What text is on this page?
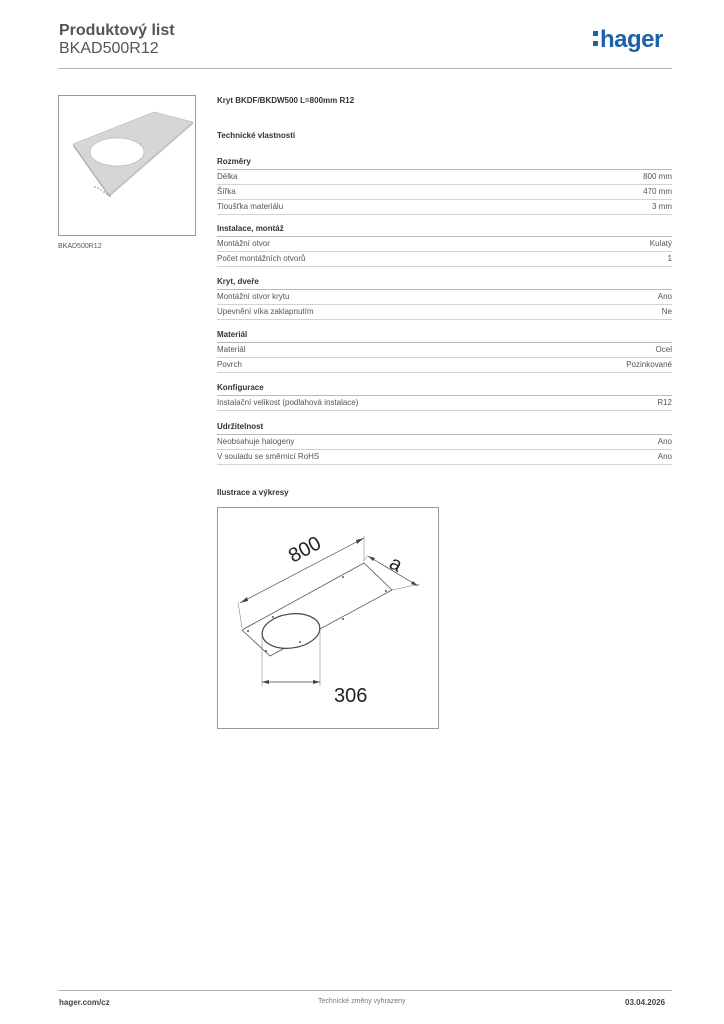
Produktový list
BKAD500R12	hager
BKAD500R12
Kryt BKDF/BKDW500 L=800mm R12
Technické vlastnosti
Rozměry
Délka	800 mm
Šířka	470 mm
Tloušťka materiálu	3 mm
Instalace, montáž
Montážní otvor	Kulatý
Počet montážních otvorů	1
Kryt, dveře
Montážní otvor krytu	Ano
Upevnění víka zaklapnutím	Ne
Materiál
Materiál	Ocel
Povrch	Pozinkované
Konfigurace
Instalační velikost (podlahová instalace)	R12
Udržitelnost
Neobsahuje halogeny	Ano
V souladu se směrnicí RoHS	Ano
Ilustrace a výkresy
800	a
306
hager.com/cz	Technické změny vyhrazeny	03.04.2026
